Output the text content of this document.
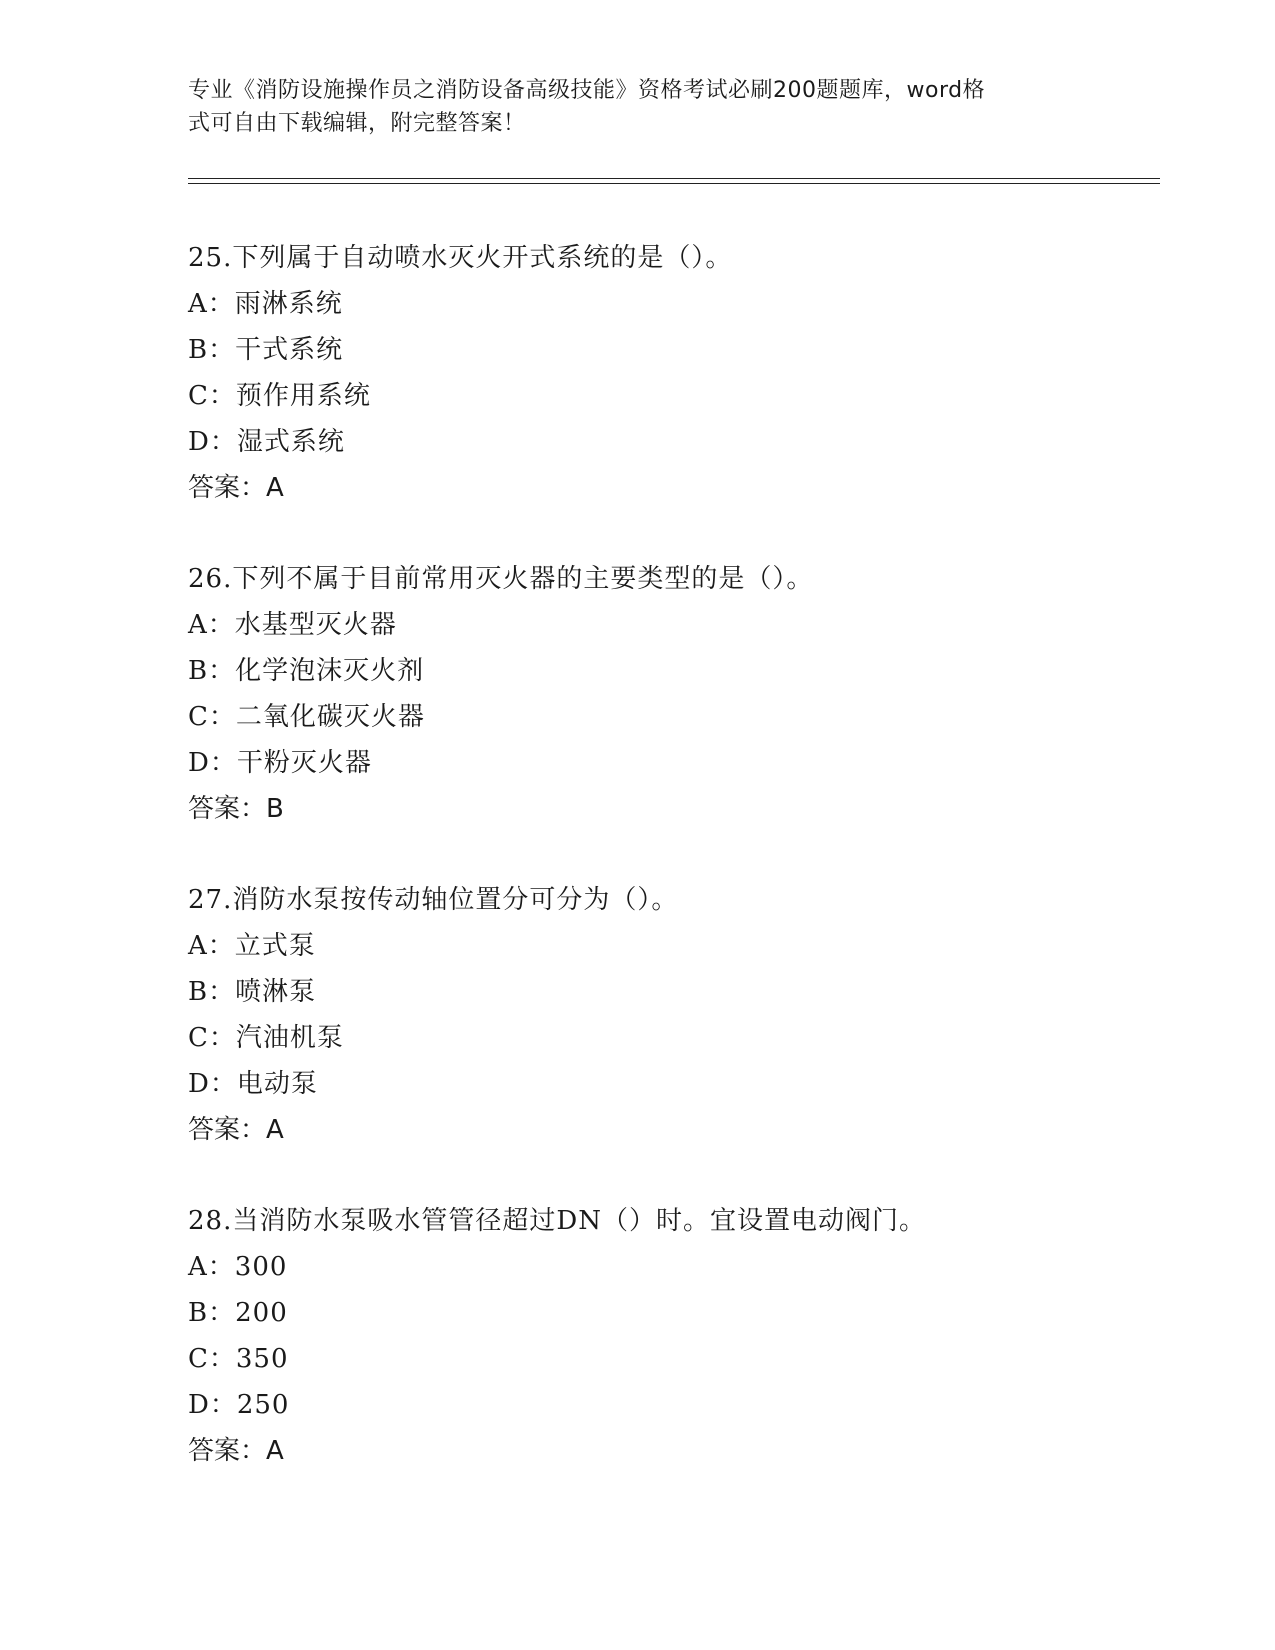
专业《消防设施操作员之消防设备高级技能》资格考试必刷200题题库，word格
式可自由下载编辑，附完整答案！
25.下列属于自动喷水灭火开式系统的是（）。
A：雨淋系统
B：干式系统
C：预作用系统
D：湿式系统
答案：A
26.下列不属于目前常用灭火器的主要类型的是（）。
A：水基型灭火器
B：化学泡沫灭火剂
C：二氧化碳灭火器
D：干粉灭火器
答案：B
27.消防水泵按传动轴位置分可分为（）。
A：立式泵
B：喷淋泵
C：汽油机泵
D：电动泵
答案：A
28.当消防水泵吸水管管径超过DN（）时。宜设置电动阀门。
A：300
B：200
C：350
D：250
答案：A
